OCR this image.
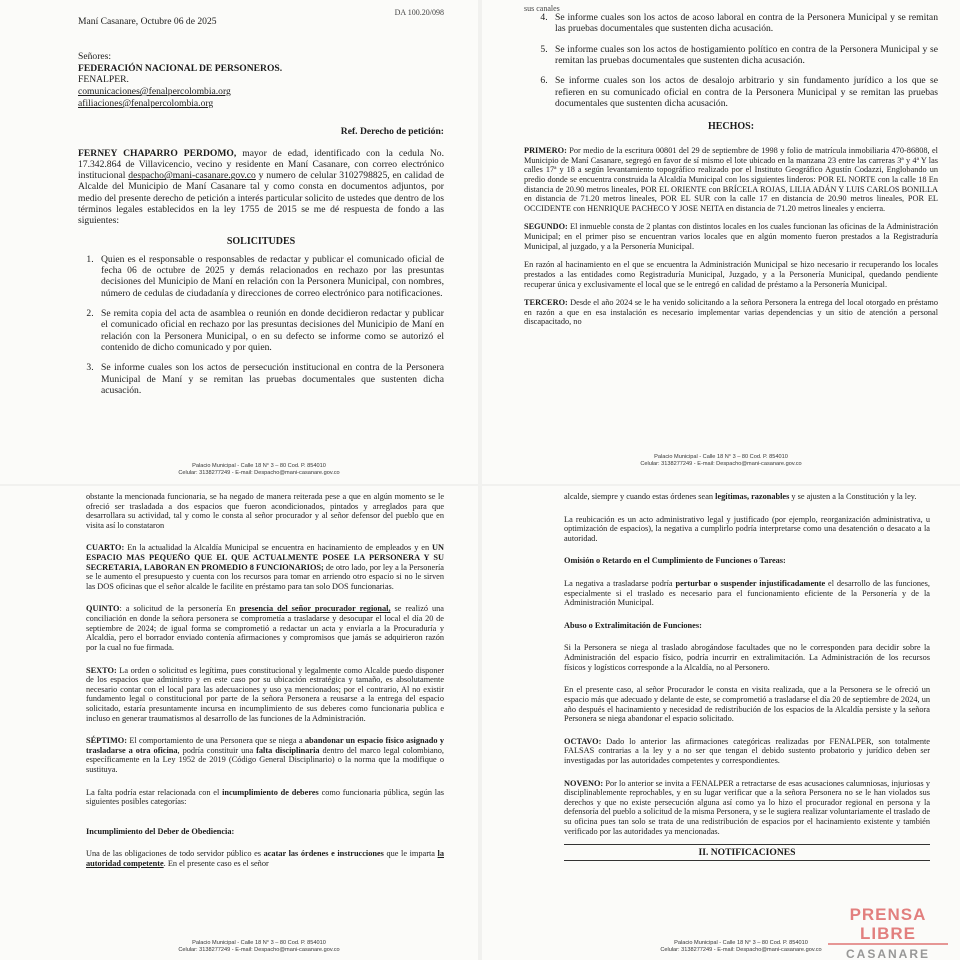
DA 100.20/098
Maní Casanare, Octubre 06 de 2025

Señores:

FEDERACIÓN NACIONAL DE PERSONEROS.

FENALPER.

comunicaciones@fenalpercolombia.org

afiliaciones@fenalpercolombia.org

Ref. Derecho de petición:

FERNEY CHAPARRO PERDOMO, mayor de edad, identificado con la cedula No. 17.342.864 de Villavicencio, vecino y residente en Maní Casanare, con correo electrónico institucional despacho@mani-casanare.gov.co y numero de celular 3102798825, en calidad de Alcalde del Municipio de Maní Casanare tal y como consta en documentos adjuntos, por medio del presente derecho de petición a interés particular solicito de ustedes que dentro de los términos legales establecidos en la ley 1755 de 2015 se me dé respuesta de fondo a las siguientes:

SOLICITUDES
1. Quien es el responsable o responsables de redactar y publicar el comunicado oficial de fecha 06 de octubre de 2025 y demás relacionados en rechazo por las presuntas decisiones del Municipio de Maní en relación con la Personera Municipal, con nombres, número de cedulas de ciudadanía y direcciones de correo electrónico para notificaciones.
2. Se remita copia del acta de asamblea o reunión en donde decidieron redactar y publicar el comunicado oficial en rechazo por las presuntas decisiones del Municipio de Maní en relación con la Personera Municipal, o en su defecto se informe como se autorizó el contenido de dicho comunicado y por quien.
3. Se informe cuales son los actos de persecución institucional en contra de la Personera Municipal de Maní y se remitan las pruebas documentales que sustenten dicha acusación.
Palacio Municipal - Calle 18 N° 3 – 80 Cod. P. 854010
Celular: 3138277249 - E-mail: Despacho@mani-casanare.gov.co
sus canales
4. Se informe cuales son los actos de acoso laboral en contra de la Personera Municipal y se remitan las pruebas documentales que sustenten dicha acusación.
5. Se informe cuales son los actos de hostigamiento político en contra de la Personera Municipal y se remitan las pruebas documentales que sustenten dicha acusación.
6. Se informe cuales son los actos de desalojo arbitrario y sin fundamento jurídico a los que se refieren en su comunicado oficial en contra de la Personera Municipal y se remitan las pruebas documentales que sustenten dicha acusación.
HECHOS:

PRIMERO: Por medio de la escritura 00801 del 29 de septiembre de 1998 y folio de matrícula inmobiliaria 470-86808, el Municipio de Maní Casanare, segregó en favor de sí mismo el lote ubicado en la manzana 23 entre las carreras 3ª y 4ª Y las calles 17ª y 18 a según levantamiento topográfico realizado por el Instituto Geográfico Agustín Codazzi, Englobando un predio donde se encuentra construida la Alcaldía Municipal con los siguientes linderos: POR EL NORTE con la calle 18 En distancia de 20.90 metros lineales, POR EL ORIENTE con BRÍCELA ROJAS, LILIA ADÁN Y LUIS CARLOS BONILLA en distancia de 71.20 metros lineales, POR EL SUR con la calle 17 en distancia de 20.90 metros lineales, POR EL OCCIDENTE con HENRIQUE PACHECO Y JOSE NEITA en distancia de 71.20 metros lineales y encierra.

SEGUNDO: El inmueble consta de 2 plantas con distintos locales en los cuales funcionan las oficinas de la Administración Municipal; en el primer piso se encuentran varios locales que en algún momento fueron prestados a la Registraduría Municipal, al juzgado, y a la Personería Municipal.

En razón al hacinamiento en el que se encuentra la Administración Municipal se hizo necesario ir recuperando los locales prestados a las entidades como Registraduría Municipal, Juzgado, y a la Personería Municipal, quedando pendiente recuperar única y exclusivamente el local que se le entregó en calidad de préstamo a la Personería Municipal.

TERCERO: Desde el año 2024 se le ha venido solicitando a la señora Personera la entrega del local otorgado en préstamo en razón a que en esa instalación es necesario implementar varias dependencias y un sitio de atención a personal discapacitado, no

Palacio Municipal - Calle 18 N° 3 – 80 Cod. P. 854010
Celular: 3138277249 - E-mail: Despacho@mani-casanare.gov.co

obstante la mencionada funcionaria, se ha negado de manera reiterada pese a que en algún momento se le ofreció ser trasladada a dos espacios que fueron acondicionados, pintados y arreglados para que desarrollara su actividad, tal y como le consta al señor procurador y al señor defensor del pueblo que en visita así lo constataron

CUARTO: En la actualidad la Alcaldía Municipal se encuentra en hacinamiento de empleados y en UN ESPACIO MAS PEQUEÑO QUE EL QUE ACTUALMENTE POSEE LA PERSONERA Y SU SECRETARIA, LABORAN EN PROMEDIO 8 FUNCIONARIOS; de otro lado, por ley a la Personería se le aumento el presupuesto y cuenta con los recursos para tomar en arriendo otro espacio si no le sirven las DOS oficinas que el señor alcalde le facilite en préstamo para tan solo DOS funcionarias.

QUINTO: a solicitud de la personería En presencia del señor procurador regional, se realizó una conciliación en donde la señora personera se comprometía a trasladarse y desocupar el local el día 20 de septiembre de 2024; de igual forma se comprometió a redactar un acta y enviarla a la Procuraduría y Alcaldía, pero el borrador enviado contenía afirmaciones y compromisos que jamás se adquirieron razón por la cual no fue firmada.

SEXTO: La orden o solicitud es legítima, pues constitucional y legalmente como Alcalde puedo disponer de los espacios que administro y en este caso por su ubicación estratégica y tamaño, es absolutamente necesario contar con el local para las adecuaciones y uso ya mencionados; por el contrario, Al no existir fundamento legal o constitucional por parte de la señora Personera a reusarse a la entrega del espacio solicitado, estaría presuntamente incursa en incumplimiento de sus deberes como funcionaria publica e incluso en generar traumatismos al desarrollo de las funciones de la Administración.

SÉPTIMO: El comportamiento de una Personera que se niega a abandonar un espacio físico asignado y trasladarse a otra oficina, podría constituir una falta disciplinaria dentro del marco legal colombiano, específicamente en la Ley 1952 de 2019 (Código General Disciplinario) o la norma que la modifique o sustituya.

La falta podría estar relacionada con el incumplimiento de deberes como funcionaria pública, según las siguientes posibles categorías:

Incumplimiento del Deber de Obediencia:

Una de las obligaciones de todo servidor público es acatar las órdenes e instrucciones que le imparta la autoridad competente. En el presente caso es el señor

Palacio Municipal - Calle 18 N° 3 – 80 Cod. P. 854010
Celular: 3138277249 - E-mail: Despacho@mani-casanare.gov.co

alcalde, siempre y cuando estas órdenes sean legítimas, razonables y se ajusten a la Constitución y la ley.

La reubicación es un acto administrativo legal y justificado (por ejemplo, reorganización administrativa, u optimización de espacios), la negativa a cumplirlo podría interpretarse como una desatención o desacato a la autoridad.

Omisión o Retardo en el Cumplimiento de Funciones o Tareas:

La negativa a trasladarse podría perturbar o suspender injustificadamente el desarrollo de las funciones, especialmente si el traslado es necesario para el funcionamiento eficiente de la Personería y de la Administración Municipal.

Abuso o Extralimitación de Funciones:

Si la Personera se niega al traslado abrogándose facultades que no le corresponden para decidir sobre la Administración del espacio físico, podría incurrir en extralimitación. La Administración de los recursos físicos y logísticos corresponde a la Alcaldía, no al Personero.

En el presente caso, al señor Procurador le consta en visita realizada, que a la Personera se le ofreció un espacio más que adecuado y delante de este, se comprometió a trasladarse el día 20 de septiembre de 2024, un año después el hacinamiento y necesidad de redistribución de los espacios de la Alcaldía persiste y la señora Personera se niega abandonar el espacio solicitado.

OCTAVO: Dado lo anterior las afirmaciones categóricas realizadas por FENALPER, son totalmente FALSAS contrarias a la ley y a no ser que tengan el debido sustento probatorio y jurídico deben ser investigadas por las autoridades competentes y correspondientes.

NOVENO: Por lo anterior se invita a FENALPER a retractarse de esas acusaciones calumniosas, injuriosas y disciplinablemente reprochables, y en su lugar verificar que a la señora Personera no se le han violados sus derechos y que no existe persecución alguna así como ya lo hizo el procurador regional en persona y la defensoría del pueblo a solicitud de la misma Personera, y se le sugiera realizar voluntariamente el traslado de su oficina pues tan solo se trata de una redistribución de espacios por el hacinamiento existente y también verificado por las autoridades ya mencionadas.

II. NOTIFICACIONES
Palacio Municipal - Calle 18 N° 3 – 80 Cod. P. 854010
Celular: 3138277249 - E-mail: Despacho@mani-casanare.gov.co
PRENSA LIBRE
CASANARE
